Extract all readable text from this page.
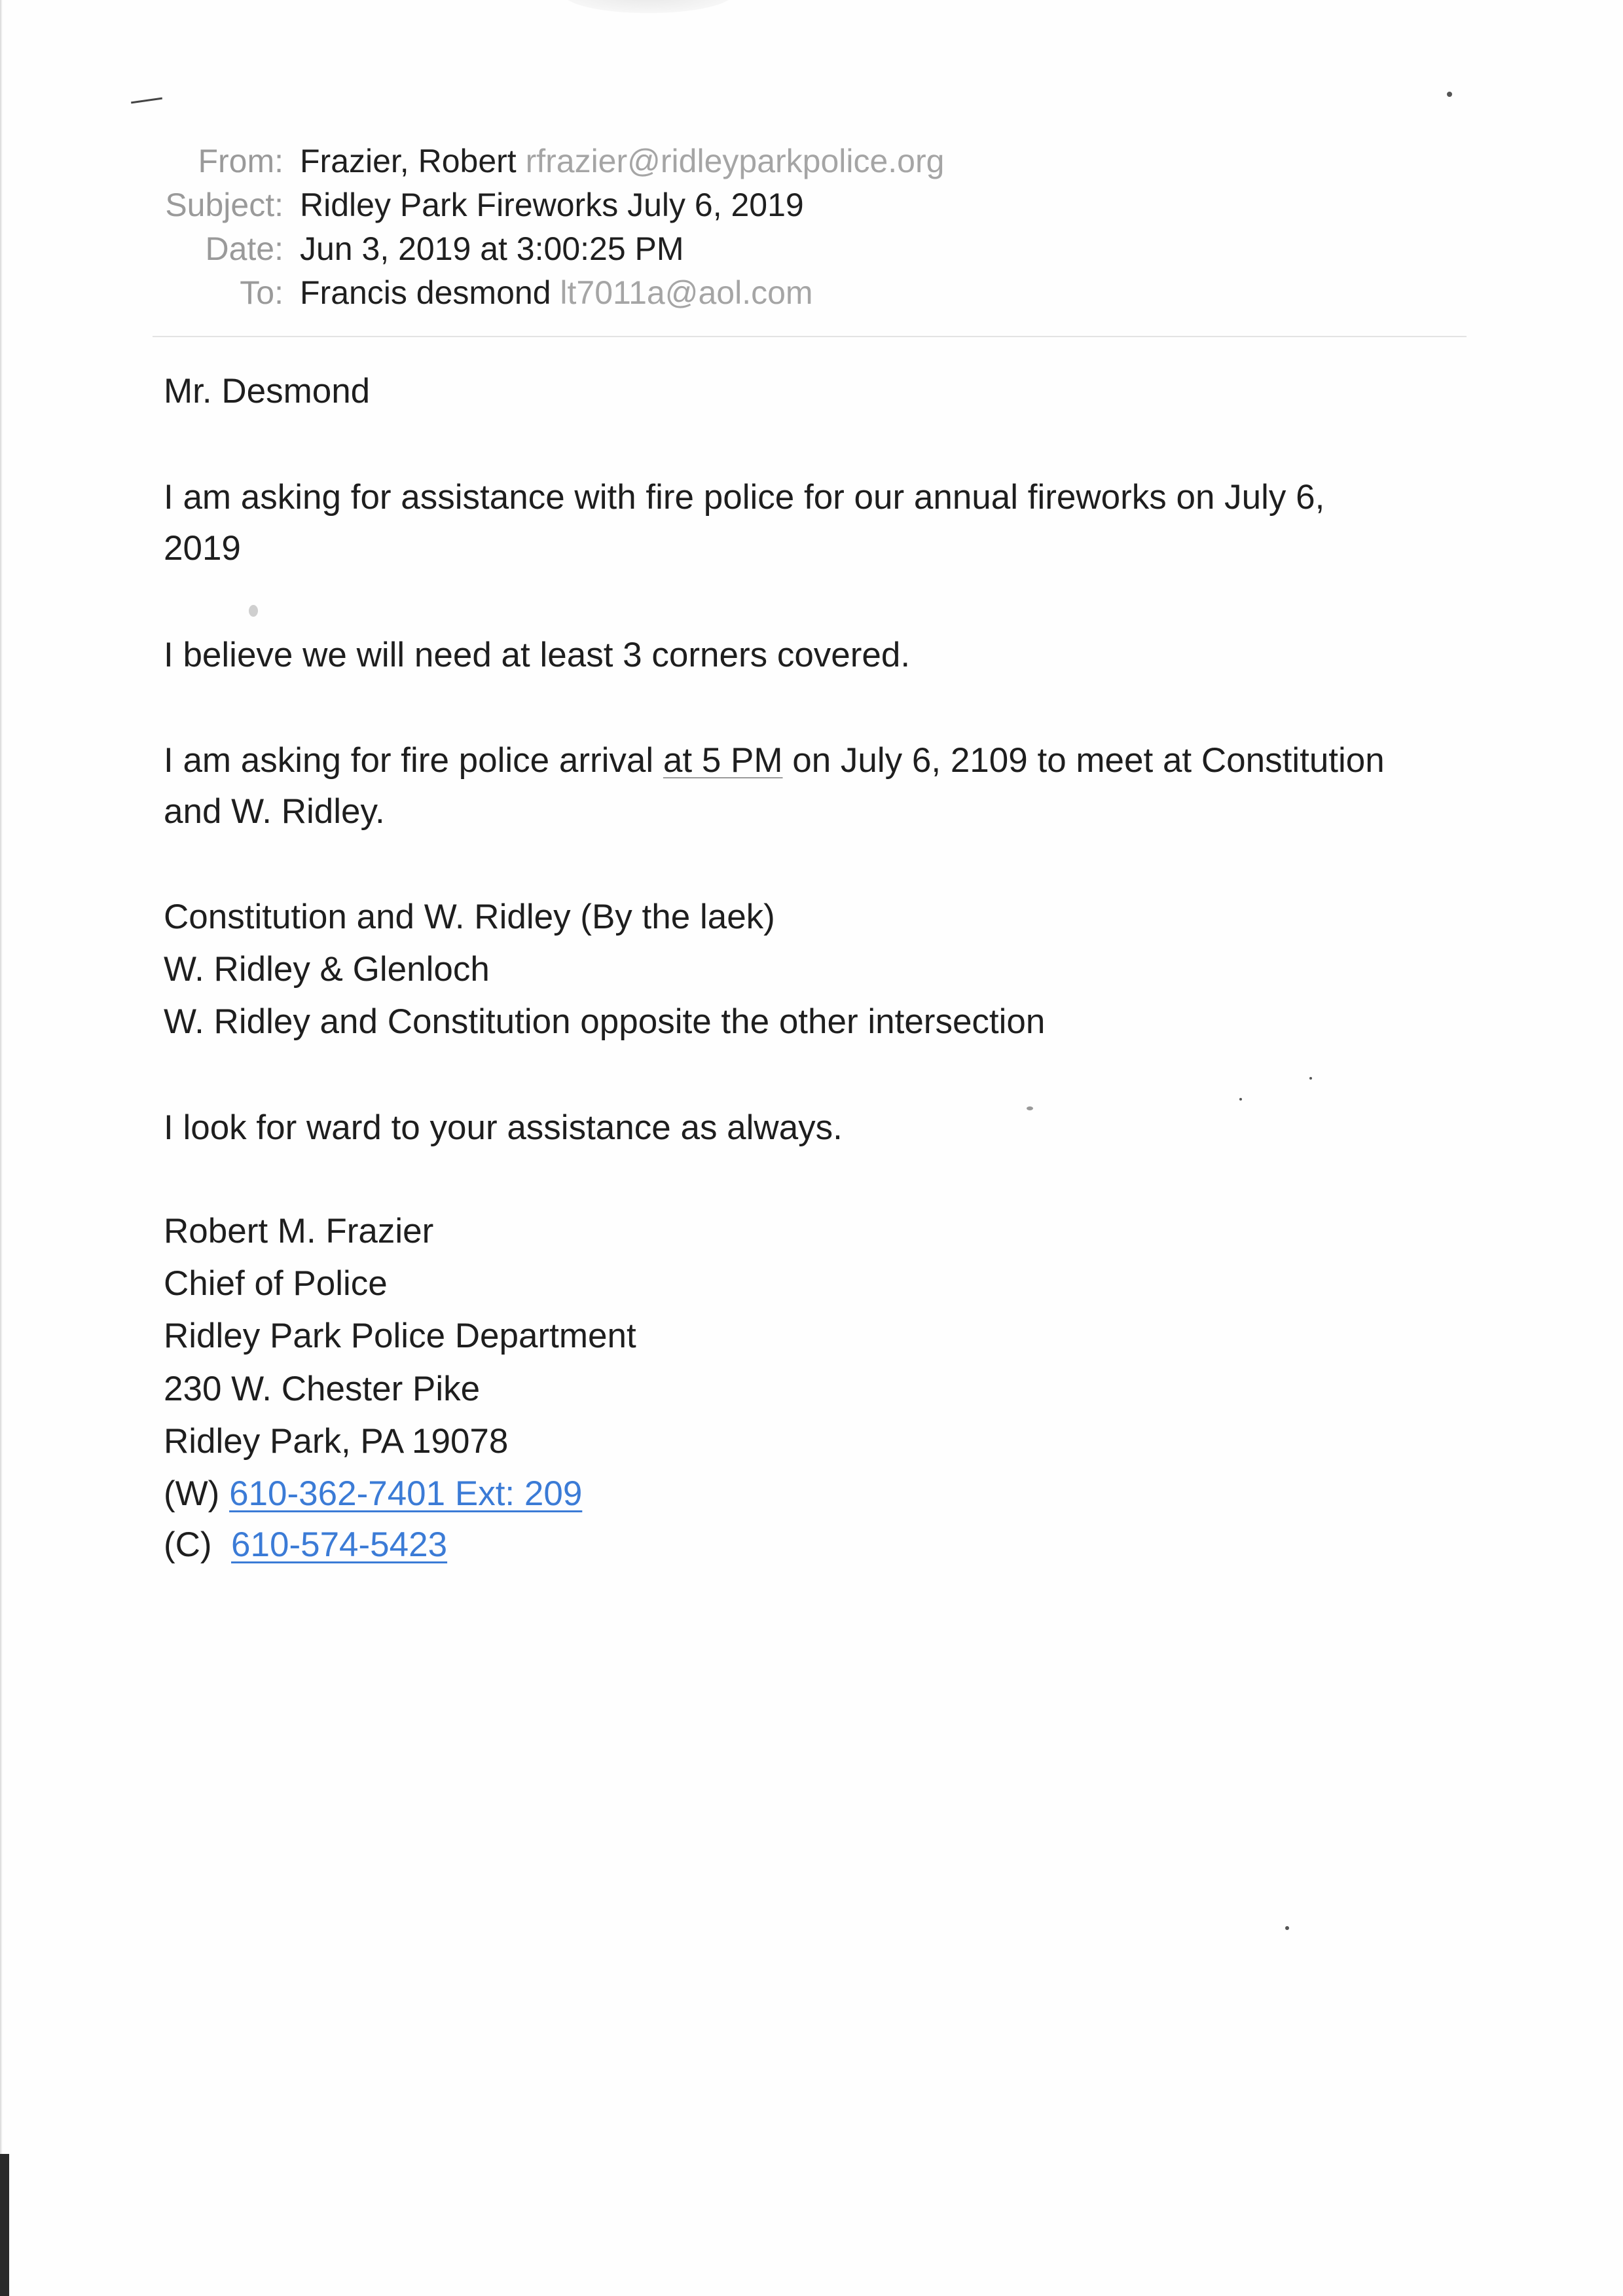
From: Frazier, Robert rfrazier@ridleyparkpolice.org
Subject: Ridley Park Fireworks July 6, 2019
Date: Jun 3, 2019 at 3:00:25 PM
To: Francis desmond lt7011a@aol.com
Mr. Desmond
I am asking for assistance with fire police for our annual fireworks on July 6,
2019
I believe we will need at least 3 corners covered.
I am asking for fire police arrival at 5 PM on July 6, 2109 to meet at Constitution
and W. Ridley.
Constitution and W. Ridley (By the laek)
W. Ridley & Glenloch
W. Ridley and Constitution opposite the other intersection
I look for ward to your assistance as always.
Robert M. Frazier
Chief of Police
Ridley Park Police Department
230 W. Chester Pike
Ridley Park, PA 19078
(W) 610-362-7401 Ext: 209
(C) 610-574-5423
